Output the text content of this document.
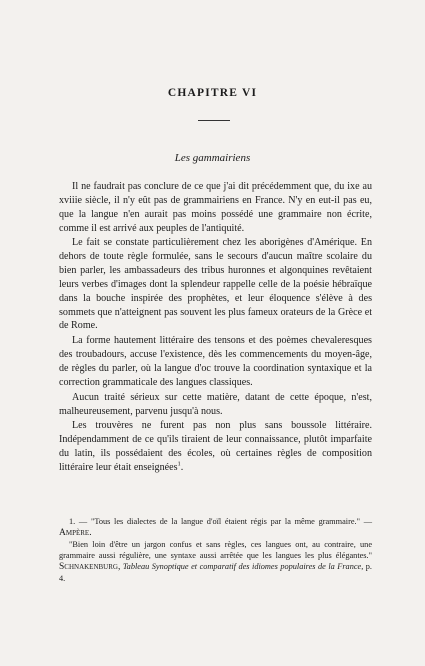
CHAPITRE VI
Les gammairiens

Il ne faudrait pas conclure de ce que j'ai dit précédemment que, du ixe au xviiie siècle, il n'y eût pas de grammairiens en France. N'y en eut-il pas eu, que la langue n'en aurait pas moins possédé une grammaire non écrite, comme il est arrivé aux peuples de l'antiquité.

Le fait se constate particulièrement chez les aborigènes d'Amérique. En dehors de toute règle formulée, sans le secours d'aucun maître scolaire du bien parler, les ambassadeurs des tribus huronnes et algonquines revêtaient leurs verbes d'images dont la splendeur rappelle celle de la poésie hébraïque dans la bouche inspirée des prophètes, et leur éloquence s'élève à des sommets que n'atteignent pas souvent les plus fameux orateurs de la Grèce et de Rome.

La forme hautement littéraire des tensons et des poèmes chevaleresques des troubadours, accuse l'existence, dès les commencements du moyen-âge, de règles du parler, où la langue d'oc trouve la coordination syntaxique et la correction grammaticale des langues classiques.

Aucun traité sérieux sur cette matière, datant de cette époque, n'est, malheureusement, parvenu jusqu'à nous.

Les trouvères ne furent pas non plus sans boussole littéraire. Indépendamment de ce qu'ils tiraient de leur connaissance, plutôt imparfaite du latin, ils possédaient des écoles, où certaines règles de composition littéraire leur était enseignées$^1$.

1. — "Tous les dialectes de la langue d'oïl étaient régis par la même grammaire." —Ampère.

"Bien loin d'être un jargon confus et sans règles, ces langues ont, au contraire, une grammaire aussi régulière, une syntaxe aussi arrêtée que les langues les plus élégantes." Schnakenburg, Tableau Synoptique et comparatif des idiomes populaires de la France, p. 4.
